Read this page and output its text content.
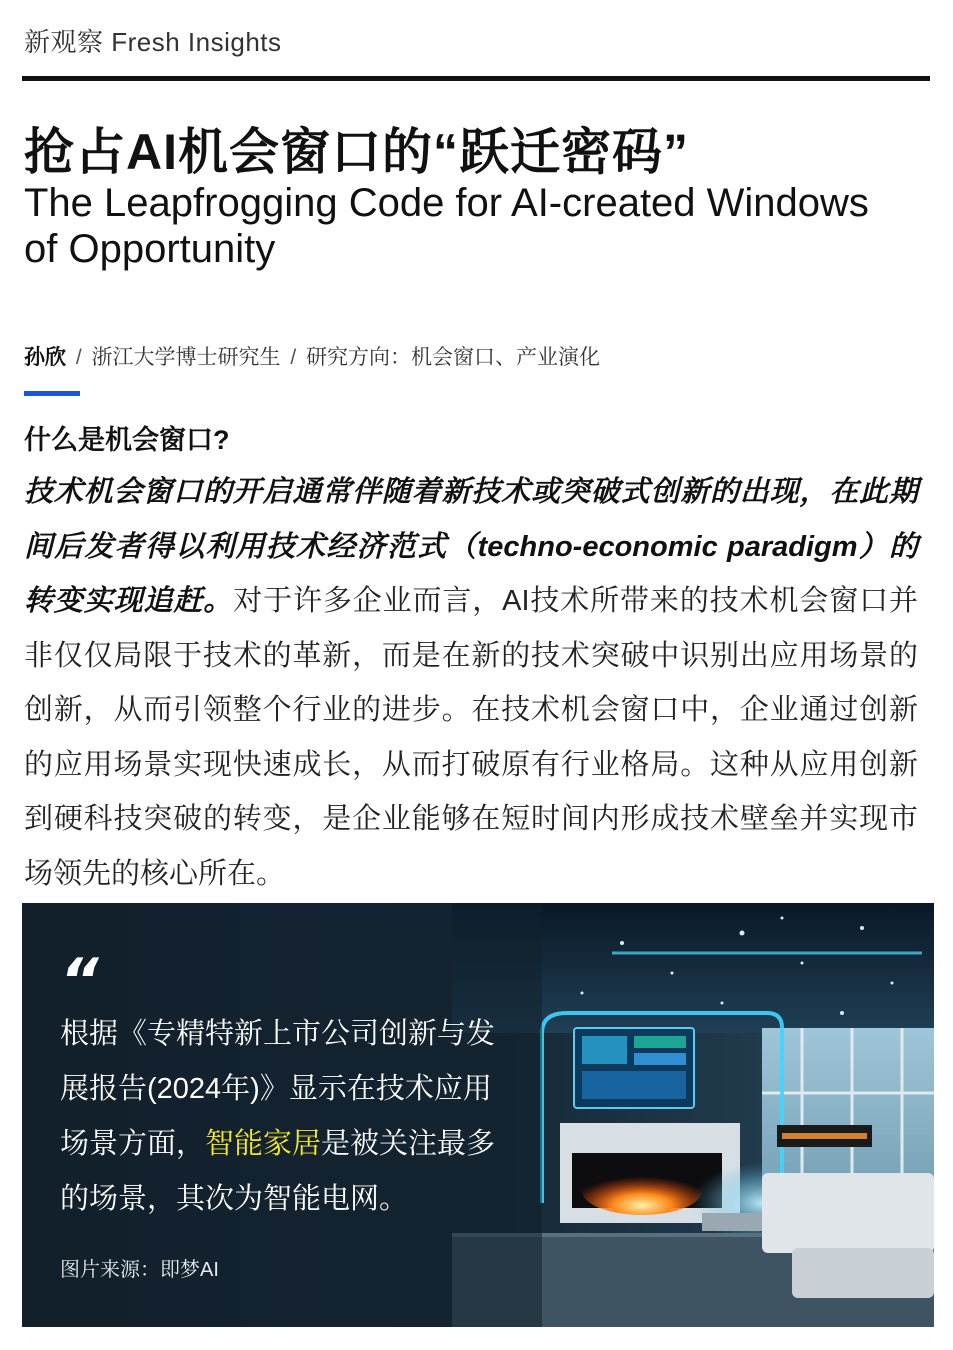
新观察 Fresh Insights
抢占AI机会窗口的“跃迁密码”
The Leapfrogging Code for AI-created Windows of Opportunity
孙欣 / 浙江大学博士研究生 / 研究方向：机会窗口、产业演化
什么是机会窗口?
技术机会窗口的开启通常伴随着新技术或突破式创新的出现，在此期间后发者得以利用技术经济范式（techno-economic paradigm）的转变实现追赶。对于许多企业而言，AI技术所带来的技术机会窗口并非仅仅局限于技术的革新，而是在新的技术突破中识别出应用场景的创新，从而引领整个行业的进步。在技术机会窗口中，企业通过创新的应用场景实现快速成长，从而打破原有行业格局。这种从应用创新到硬科技突破的转变，是企业能够在短时间内形成技术壁垒并实现市场领先的核心所在。
“
根据《专精特新上市公司创新与发展报告(2024年)》显示在技术应用场景方面，智能家居是被关注最多的场景，其次为智能电网。
图片来源：即梦AI
